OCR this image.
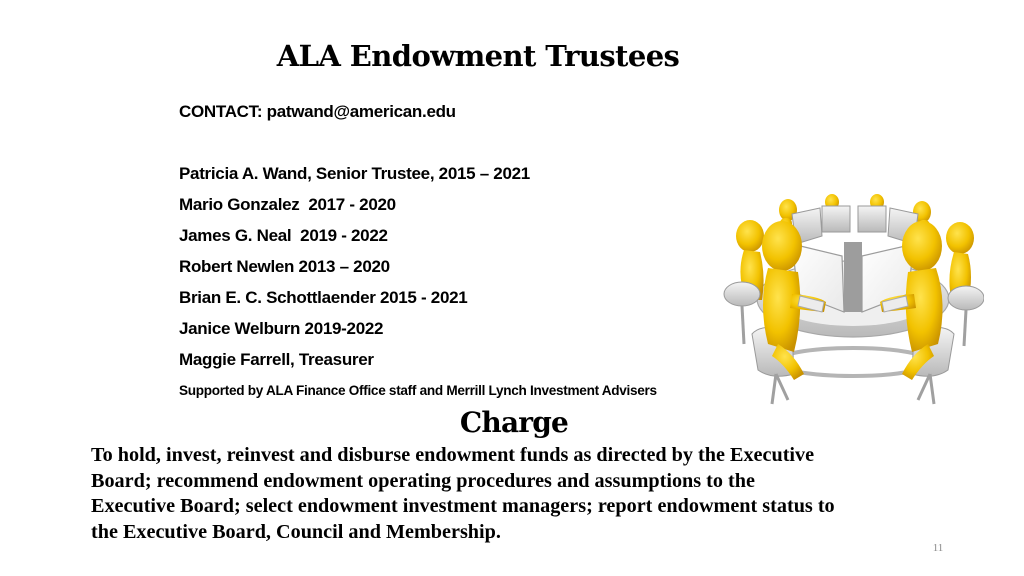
ALA Endowment Trustees
CONTACT: patwand@american.edu
Patricia A. Wand, Senior Trustee, 2015 – 2021
Mario Gonzalez  2017 - 2020
James G. Neal  2019 - 2022
Robert Newlen 2013 – 2020
Brian E. C. Schottlaender 2015 - 2021
Janice Welburn 2019-2022
Maggie Farrell, Treasurer
Supported by ALA Finance Office staff and Merrill Lynch Investment Advisers
Charge
To hold, invest, reinvest and disburse endowment funds as directed by the Executive
Board; recommend endowment operating procedures and assumptions to the
Executive Board; select endowment investment managers; report endowment status to
the Executive Board, Council and Membership.
11
